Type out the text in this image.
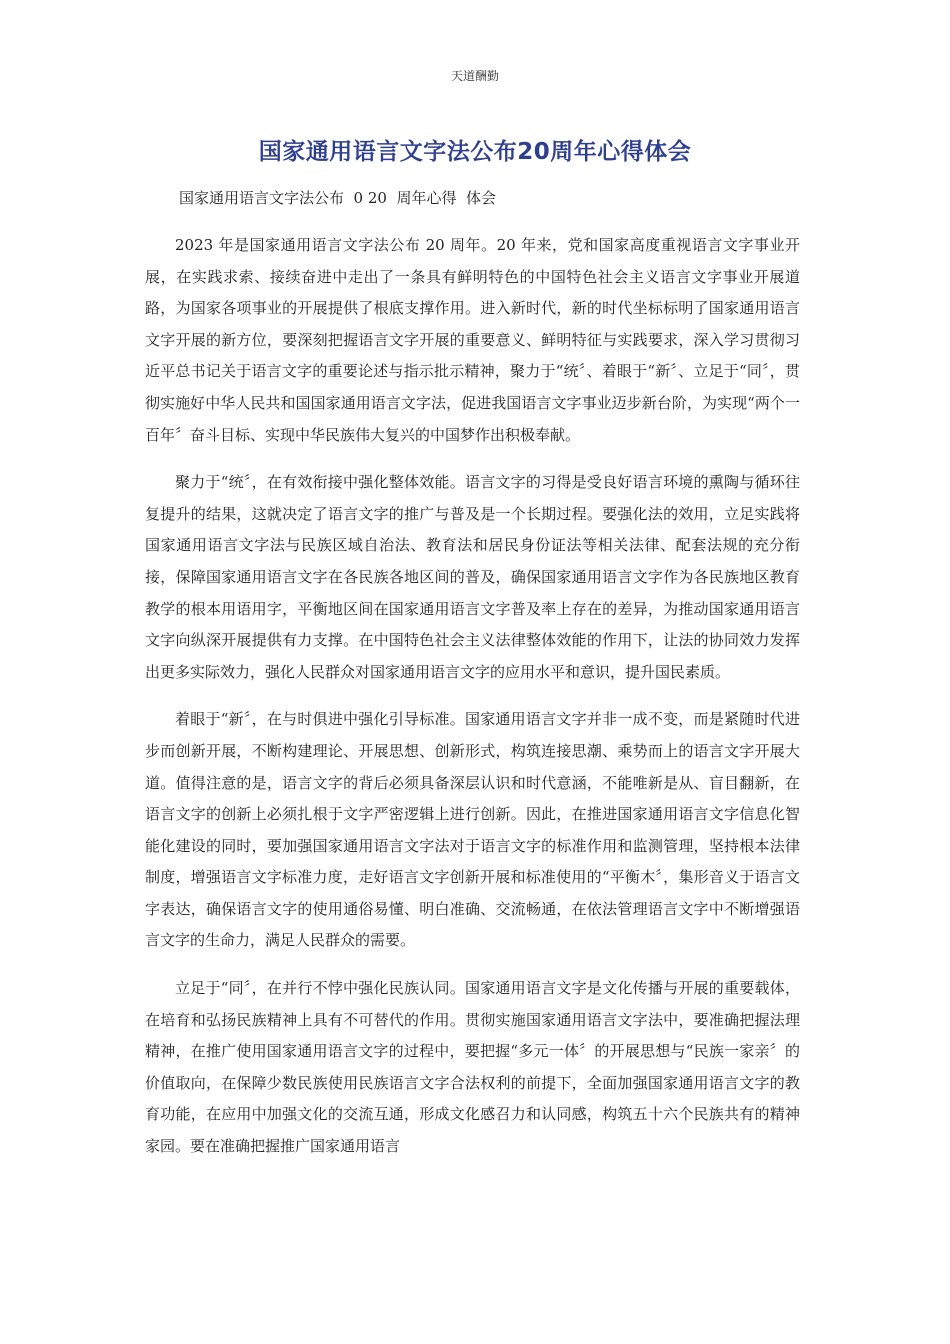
天道酬勤
国家通用语言文字法公布20周年心得体会
国家通用语言文字法公布  0 20  周年心得  体会

2023 年是国家通用语言文字法公布 20 周年。20 年来，党和国家高度重视语言文字事业开展，在实践求索、接续奋进中走出了一条具有鲜明特色的中国特色社会主义语言文字事业开展道路，为国家各项事业的开展提供了根底支撑作用。进入新时代，新的时代坐标标明了国家通用语言文字开展的新方位，要深刻把握语言文字开展的重要意义、鲜明特征与实践要求，深入学习贯彻习近平总书记关于语言文字的重要论述与指示批示精神，聚力于“统〞、着眼于“新〞、立足于“同〞，贯彻实施好中华人民共和国国家通用语言文字法，促进我国语言文字事业迈步新台阶，为实现“两个一百年〞奋斗目标、实现中华民族伟大复兴的中国梦作出积极奉献。

聚力于“统〞，在有效衔接中强化整体效能。语言文字的习得是受良好语言环境的熏陶与循环往复提升的结果，这就决定了语言文字的推广与普及是一个长期过程。要强化法的效用，立足实践将国家通用语言文字法与民族区域自治法、教育法和居民身份证法等相关法律、配套法规的充分衔接，保障国家通用语言文字在各民族各地区间的普及，确保国家通用语言文字作为各民族地区教育教学的根本用语用字，平衡地区间在国家通用语言文字普及率上存在的差异，为推动国家通用语言文字向纵深开展提供有力支撑。在中国特色社会主义法律整体效能的作用下，让法的协同效力发挥出更多实际效力，强化人民群众对国家通用语言文字的应用水平和意识，提升国民素质。

着眼于“新〞，在与时俱进中强化引导标准。国家通用语言文字并非一成不变，而是紧随时代进步而创新开展，不断构建理论、开展思想、创新形式，构筑连接思潮、乘势而上的语言文字开展大道。值得注意的是，语言文字的背后必须具备深层认识和时代意涵，不能唯新是从、盲目翻新，在语言文字的创新上必须扎根于文字严密逻辑上进行创新。因此，在推进国家通用语言文字信息化智能化建设的同时，要加强国家通用语言文字法对于语言文字的标准作用和监测管理，坚持根本法律制度，增强语言文字标准力度，走好语言文字创新开展和标准使用的“平衡木〞，集形音义于语言文字表达，确保语言文字的使用通俗易懂、明白准确、交流畅通，在依法管理语言文字中不断增强语言文字的生命力，满足人民群众的需要。

立足于“同〞，在并行不悖中强化民族认同。国家通用语言文字是文化传播与开展的重要载体，在培育和弘扬民族精神上具有不可替代的作用。贯彻实施国家通用语言文字法中，要准确把握法理精神，在推广使用国家通用语言文字的过程中，要把握“多元一体〞的开展思想与“民族一家亲〞的价值取向，在保障少数民族使用民族语言文字合法权利的前提下，全面加强国家通用语言文字的教育功能，在应用中加强文化的交流互通，形成文化感召力和认同感，构筑五十六个民族共有的精神家园。要在准确把握推广国家通用语言
